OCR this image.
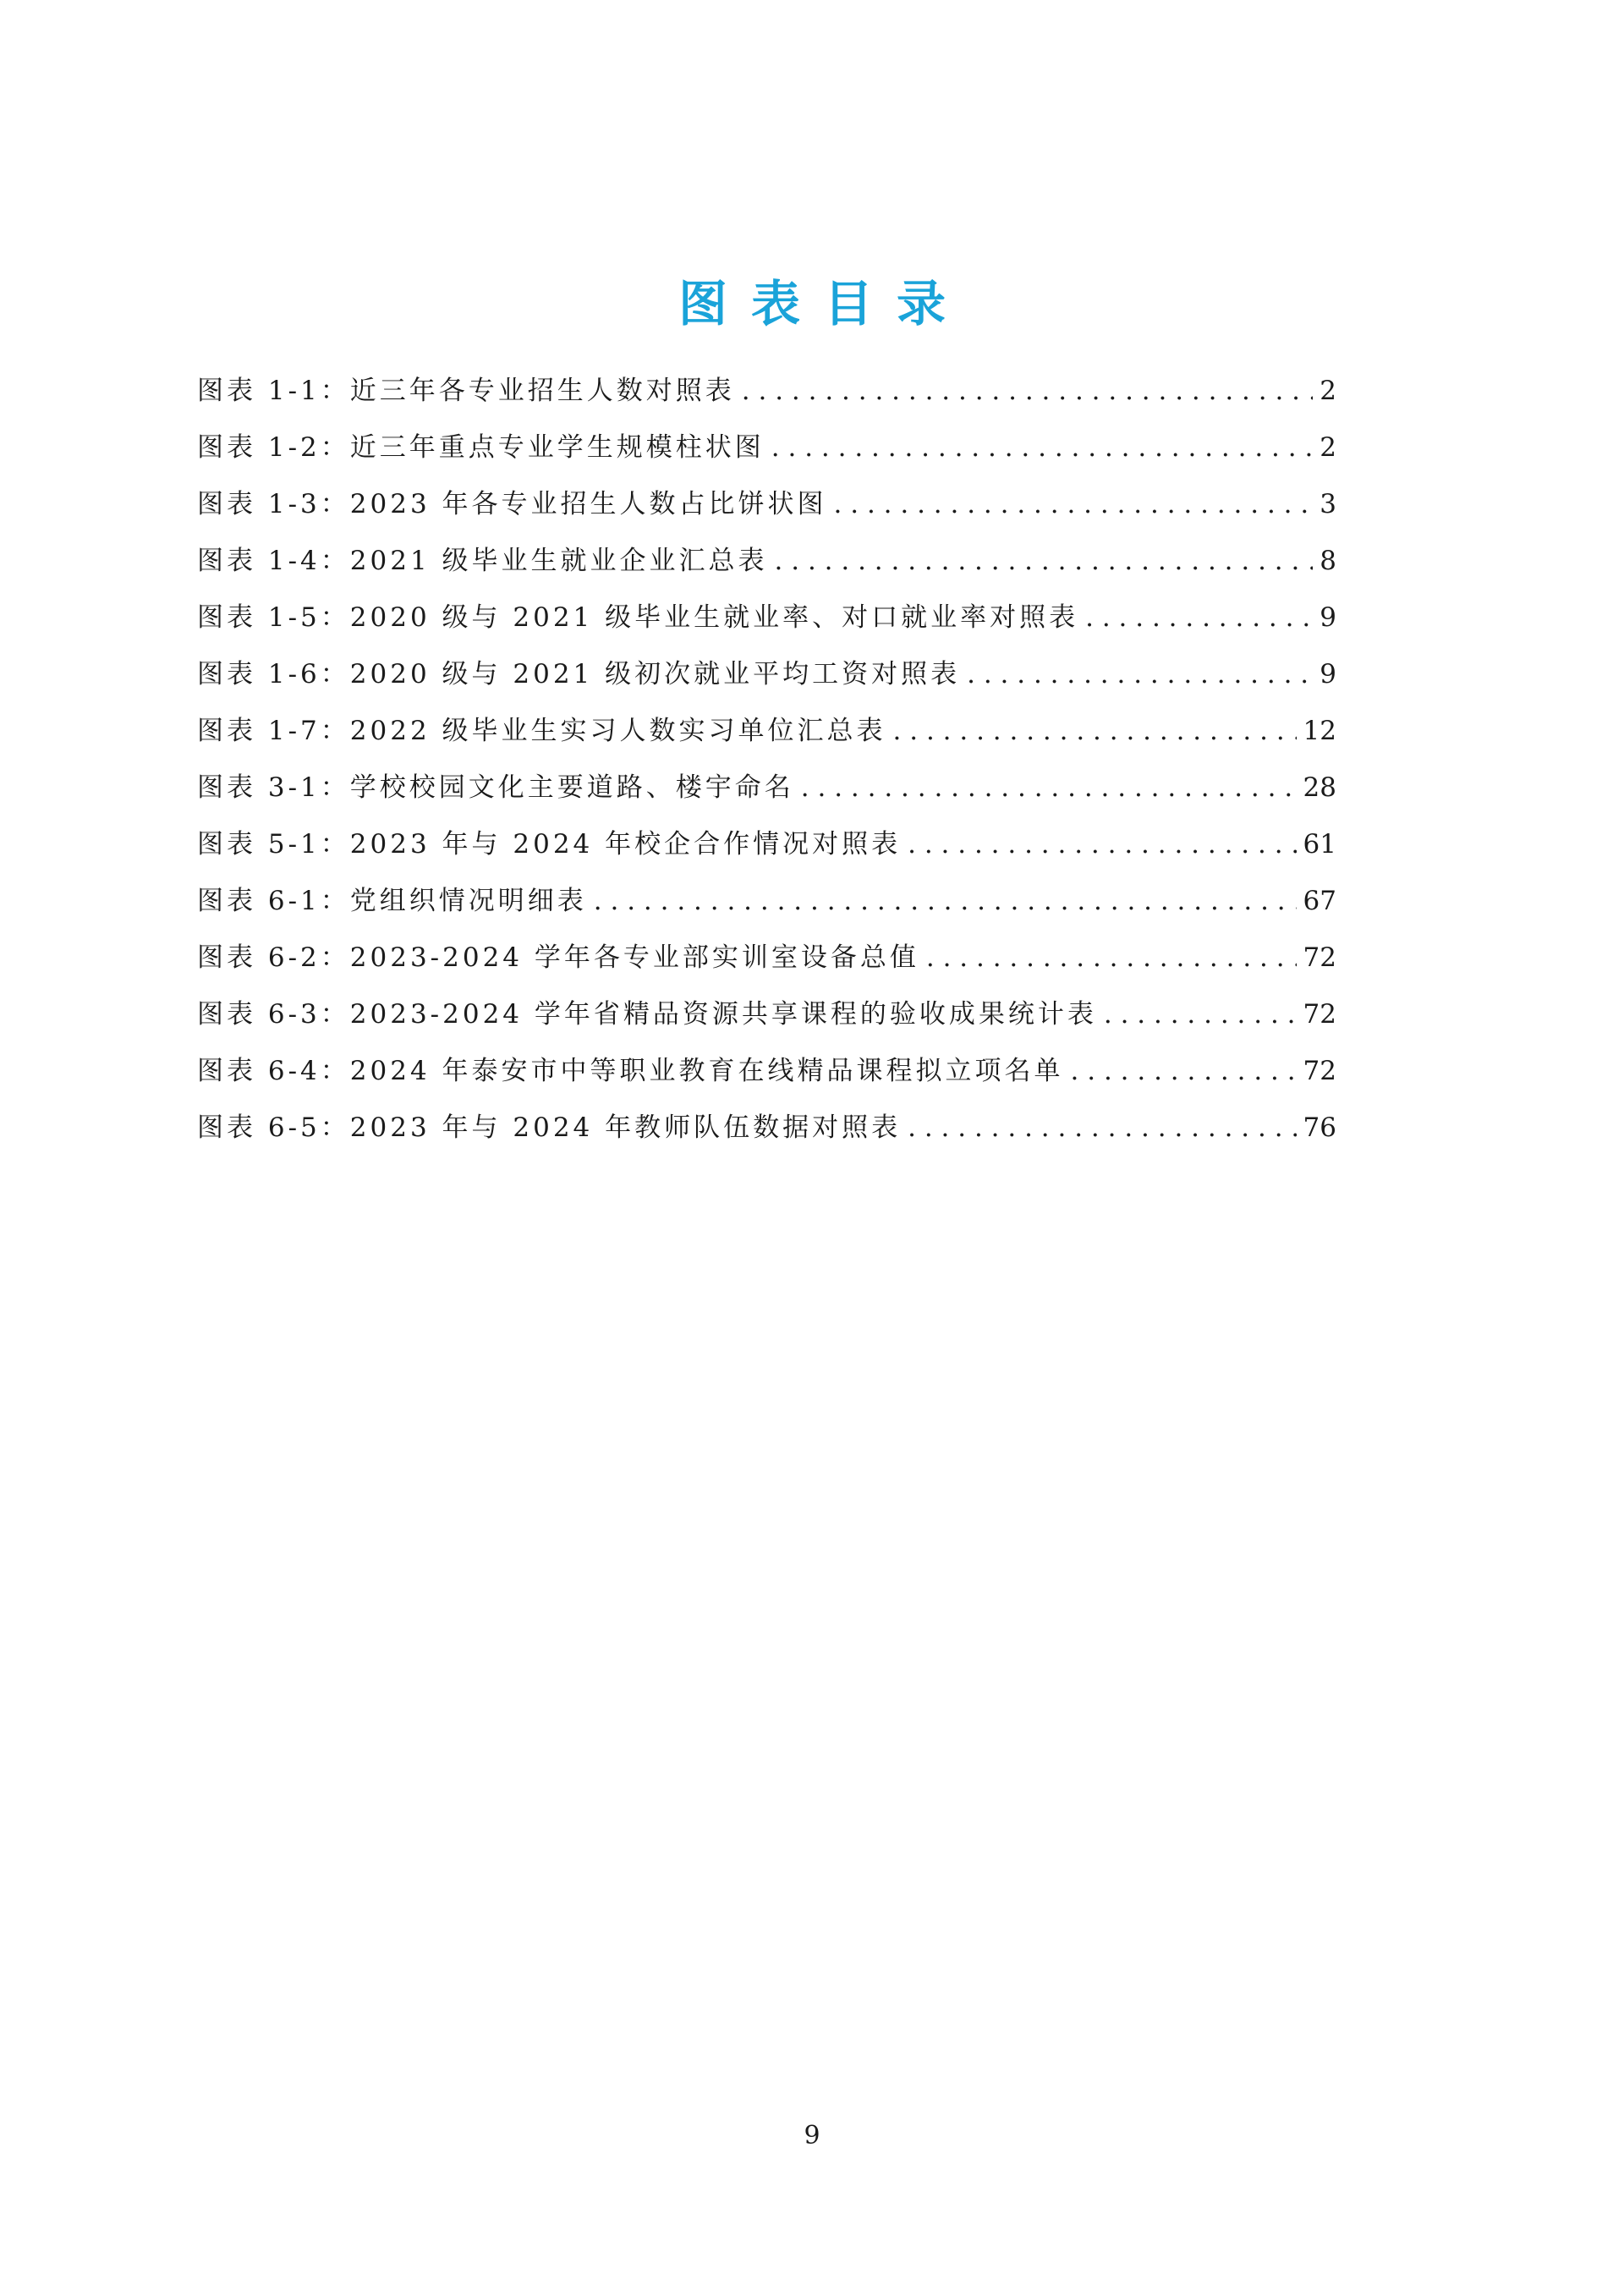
图表目录
图表 1-1：近三年各专业招生人数对照表 . . .	2
图表 1-2：近三年重点专业学生规模柱状图 . . .	2
图表 1-3：2023 年各专业招生人数占比饼状图 . . .	3
图表 1-4：2021 级毕业生就业企业汇总表 . . .	8
图表 1-5：2020 级与 2021 级毕业生就业率、对口就业率对照表 . . .	9
图表 1-6：2020 级与 2021 级初次就业平均工资对照表 . . .	9
图表 1-7：2022 级毕业生实习人数实习单位汇总表 . . .	12
图表 3-1：学校校园文化主要道路、楼宇命名 . . .	28
图表 5-1：2023 年与 2024 年校企合作情况对照表 . . .	61
图表 6-1：党组织情况明细表 . . .	67
图表 6-2：2023-2024 学年各专业部实训室设备总值 . . .	72
图表 6-3：2023-2024 学年省精品资源共享课程的验收成果统计表 . . .	72
图表 6-4：2024 年泰安市中等职业教育在线精品课程拟立项名单 . . .	72
图表 6-5：2023 年与 2024 年教师队伍数据对照表 . . .	76
9
